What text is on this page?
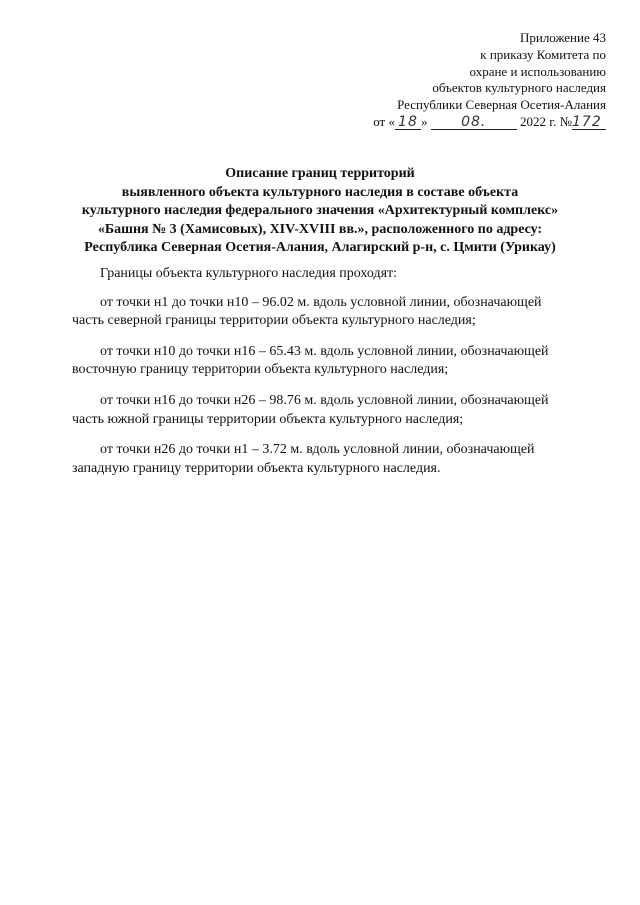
Приложение 43
к приказу Комитета по
охране и использованию
объектов культурного наследия
Республики Северная Осетия-Алания
от « 18 » 08.	2022 г. №172
Описание границ территорий
выявленного объекта культурного наследия в составе объекта
культурного наследия федерального значения «Архитектурный комплекс»
«Башня № 3 (Хамисовых), XIV-XVIII вв.», расположенного по адресу:
Республика Северная Осетия-Алания, Алагирский р-н, с. Цмити (Урикау)

Границы объекта культурного наследия проходят:

от точки н1 до точки н10 – 96.02 м. вдоль условной линии, обозначающей
часть северной границы территории объекта культурного наследия;
от точки н10 до точки н16 – 65.43 м. вдоль условной линии, обозначающей
восточную границу территории объекта культурного наследия;
от точки н16 до точки н26 – 98.76 м. вдоль условной линии, обозначающей
часть южной границы территории объекта культурного наследия;
от точки н26 до точки н1 – 3.72 м. вдоль условной линии, обозначающей
западную границу территории объекта культурного наследия.
